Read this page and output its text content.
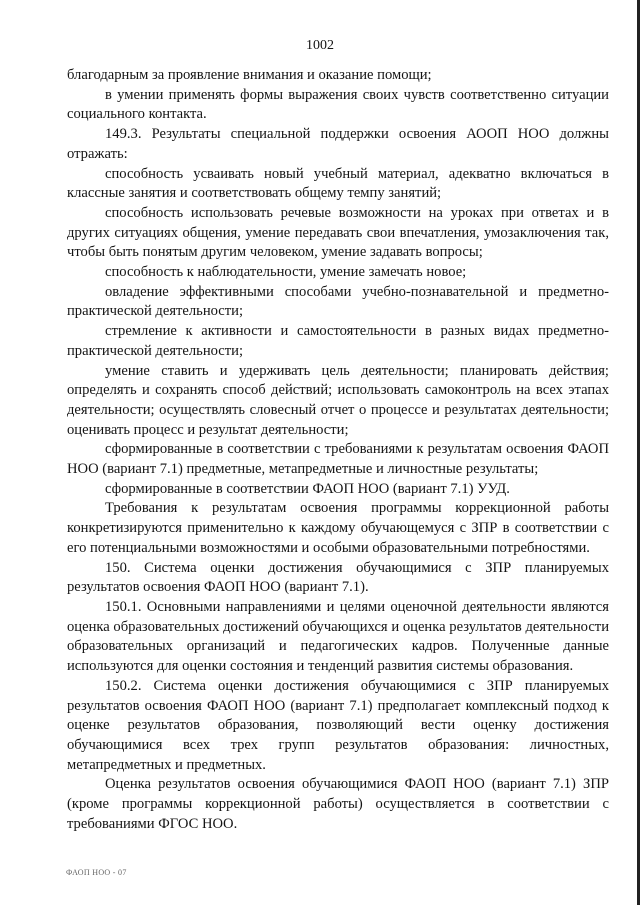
1002

благодарным за проявление внимания и оказание помощи;

в умении применять формы выражения своих чувств соответственно ситуации социального контакта.

149.3. Результаты специальной поддержки освоения АООП НОО должны отражать:

способность усваивать новый учебный материал, адекватно включаться в классные занятия и соответствовать общему темпу занятий;

способность использовать речевые возможности на уроках при ответах и в других ситуациях общения, умение передавать свои впечатления, умозаключения так, чтобы быть понятым другим человеком, умение задавать вопросы;

способность к наблюдательности, умение замечать новое;

овладение эффективными способами учебно-познавательной и предметно-практической деятельности;

стремление к активности и самостоятельности в разных видах предметно-практической деятельности;

умение ставить и удерживать цель деятельности; планировать действия; определять и сохранять способ действий; использовать самоконтроль на всех этапах деятельности; осуществлять словесный отчет о процессе и результатах деятельности; оценивать процесс и результат деятельности;

сформированные в соответствии с требованиями к результатам освоения ФАОП НОО (вариант 7.1) предметные, метапредметные и личностные результаты;

сформированные в соответствии ФАОП НОО (вариант 7.1) УУД.

Требования к результатам освоения программы коррекционной работы конкретизируются применительно к каждому обучающемуся с ЗПР в соответствии с его потенциальными возможностями и особыми образовательными потребностями.

150. Система оценки достижения обучающимися с ЗПР планируемых результатов освоения ФАОП НОО (вариант 7.1).

150.1. Основными направлениями и целями оценочной деятельности являются оценка образовательных достижений обучающихся и оценка результатов деятельности образовательных организаций и педагогических кадров. Полученные данные используются для оценки состояния и тенденций развития системы образования.

150.2. Система оценки достижения обучающимися с ЗПР планируемых результатов освоения ФАОП НОО (вариант 7.1) предполагает комплексный подход к оценке результатов образования, позволяющий вести оценку достижения обучающимися всех трех групп результатов образования: личностных, метапредметных и предметных.

Оценка результатов освоения обучающимися ФАОП НОО (вариант 7.1) ЗПР (кроме программы коррекционной работы) осуществляется в соответствии с требованиями ФГОС НОО.

ФАОП НОО - 07
